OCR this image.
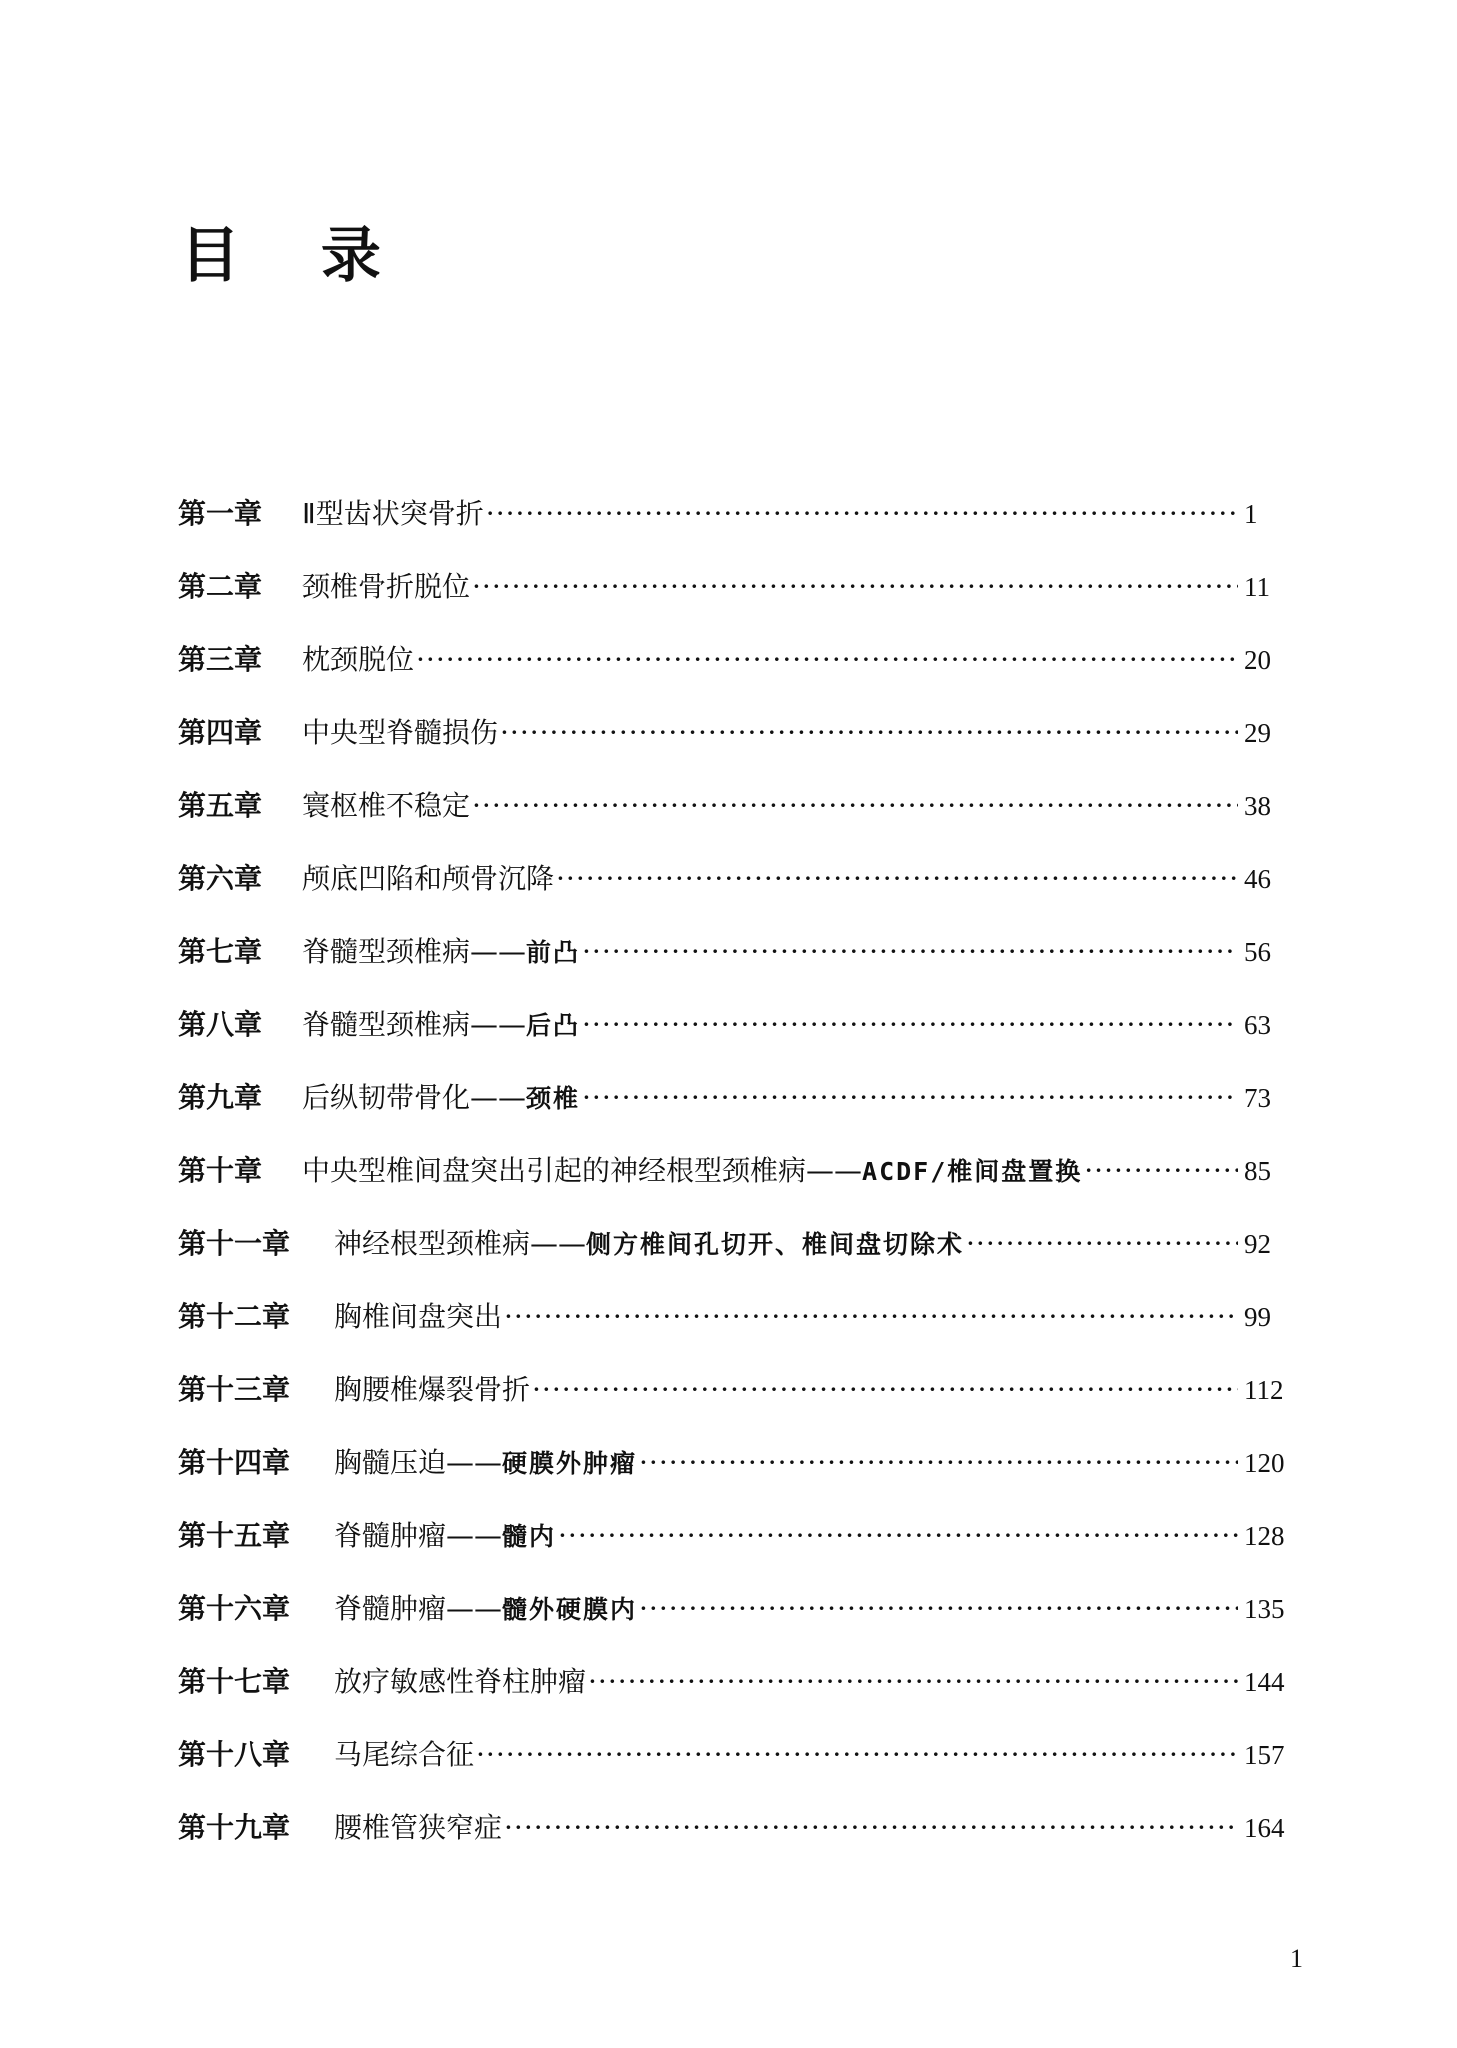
目 录
第一章	Ⅱ型齿状突骨折 ·····	1
第二章	颈椎骨折脱位 ·····	11
第三章	枕颈脱位 ·····	20
第四章	中央型脊髓损伤 ·····	29
第五章	寰枢椎不稳定 ·····	38
第六章	颅底凹陷和颅骨沉降 ·····	46
第七章	脊髓型颈椎病—— 前凸 ·····	56
第八章	脊髓型颈椎病—— 后凸 ·····	63
第九章	后纵韧带骨化—— 颈椎 ·····	73
第十章	中央型椎间盘突出引起的神经根型颈椎病—— ACDF/椎间盘置换 ·····	85
第十一章	神经根型颈椎病—— 侧方椎间孔切开、椎间盘切除术 ·····	92
第十二章	胸椎间盘突出 ·····	99
第十三章	胸腰椎爆裂骨折 ·····	112
第十四章	胸髓压迫—— 硬膜外肿瘤 ·····	120
第十五章	脊髓肿瘤—— 髓内 ·····	128
第十六章	脊髓肿瘤—— 髓外硬膜内 ·····	135
第十七章	放疗敏感性脊柱肿瘤 ·····	144
第十八章	马尾综合征 ·····	157
第十九章	腰椎管狭窄症 ·····	164
1
